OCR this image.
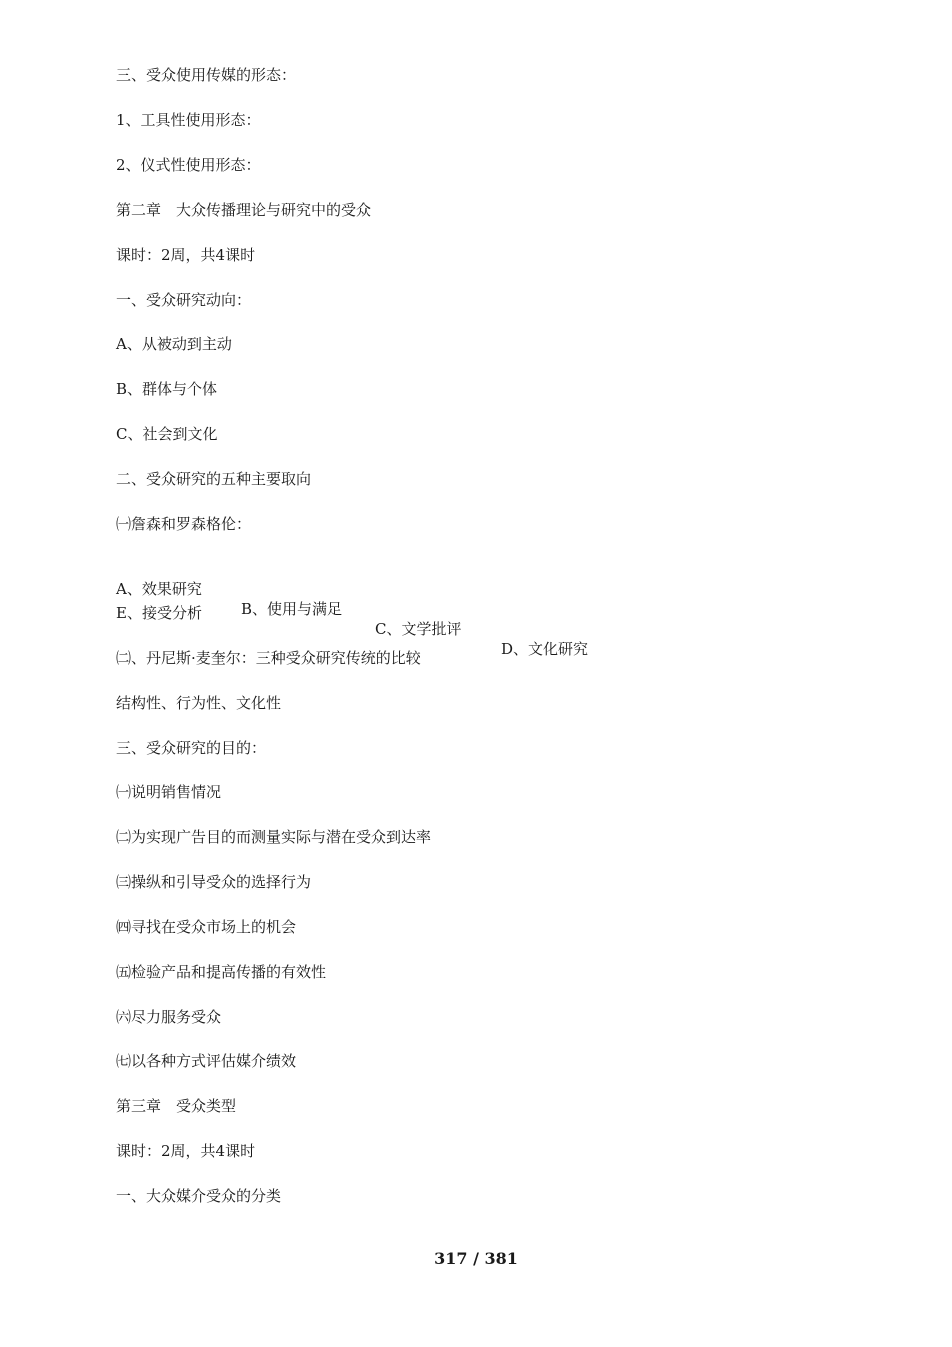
三、受众使用传媒的形态：
1、工具性使用形态：
2、仪式性使用形态：
第二章　大众传播理论与研究中的受众
课时：2周，共4课时
一、受众研究动向：
A、从被动到主动
B、群体与个体
C、社会到文化
二、受众研究的五种主要取向
㈠詹森和罗森格伦：

A、效果研究

B、使用与满足

C、文学批评

D、文化研究

E、接受分析
㈡、丹尼斯·麦奎尔：三种受众研究传统的比较
结构性、行为性、文化性
三、受众研究的目的：
㈠说明销售情况
㈡为实现广告目的而测量实际与潜在受众到达率
㈢操纵和引导受众的选择行为
㈣寻找在受众市场上的机会
㈤检验产品和提高传播的有效性
㈥尽力服务受众
㈦以各种方式评估媒介绩效
第三章　受众类型
课时：2周，共4课时
一、大众媒介受众的分类
317 / 381
